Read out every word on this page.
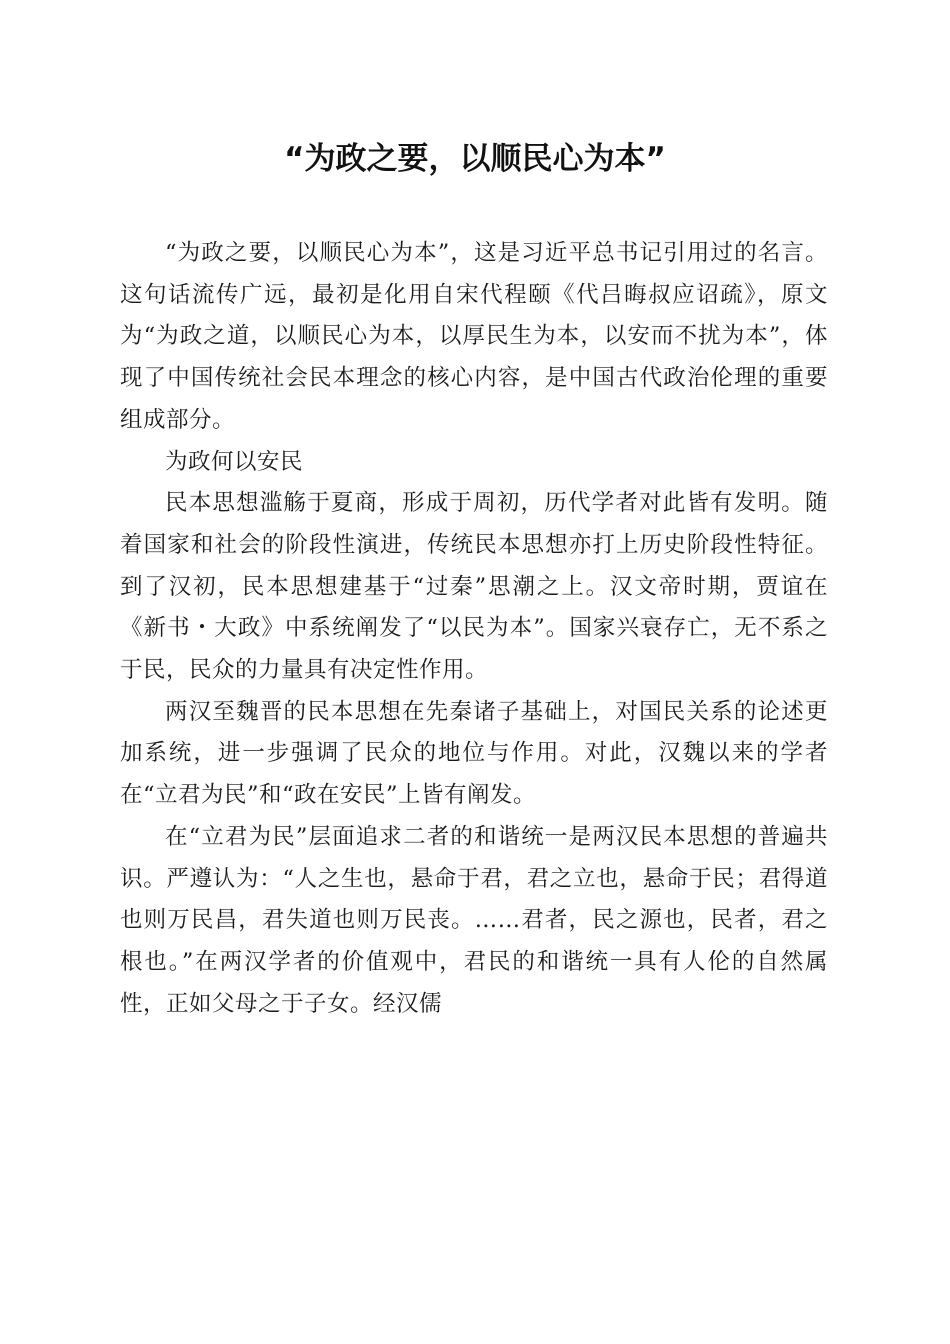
“为政之要，以顺民心为本”

“为政之要，以顺民心为本”，这是习近平总书记引用过的名言。这句话流传广远，最初是化用自宋代程颐《代吕晦叔应诏疏》，原文为“为政之道，以顺民心为本，以厚民生为本，以安而不扰为本”，体现了中国传统社会民本理念的核心内容，是中国古代政治伦理的重要组成部分。

为政何以安民

民本思想滥觞于夏商，形成于周初，历代学者对此皆有发明。随着国家和社会的阶段性演进，传统民本思想亦打上历史阶段性特征。到了汉初，民本思想建基于“过秦”思潮之上。汉文帝时期，贾谊在《新书・大政》中系统阐发了“以民为本”。国家兴衰存亡，无不系之于民，民众的力量具有决定性作用。

两汉至魏晋的民本思想在先秦诸子基础上，对国民关系的论述更加系统，进一步强调了民众的地位与作用。对此，汉魏以来的学者在“立君为民”和“政在安民”上皆有阐发。

在“立君为民”层面追求二者的和谐统一是两汉民本思想的普遍共识。严遵认为：“人之生也，悬命于君，君之立也，悬命于民；君得道也则万民昌，君失道也则万民丧。……君者，民之源也，民者，君之根也。”在两汉学者的价值观中，君民的和谐统一具有人伦的自然属性，正如父母之于子女。经汉儒
